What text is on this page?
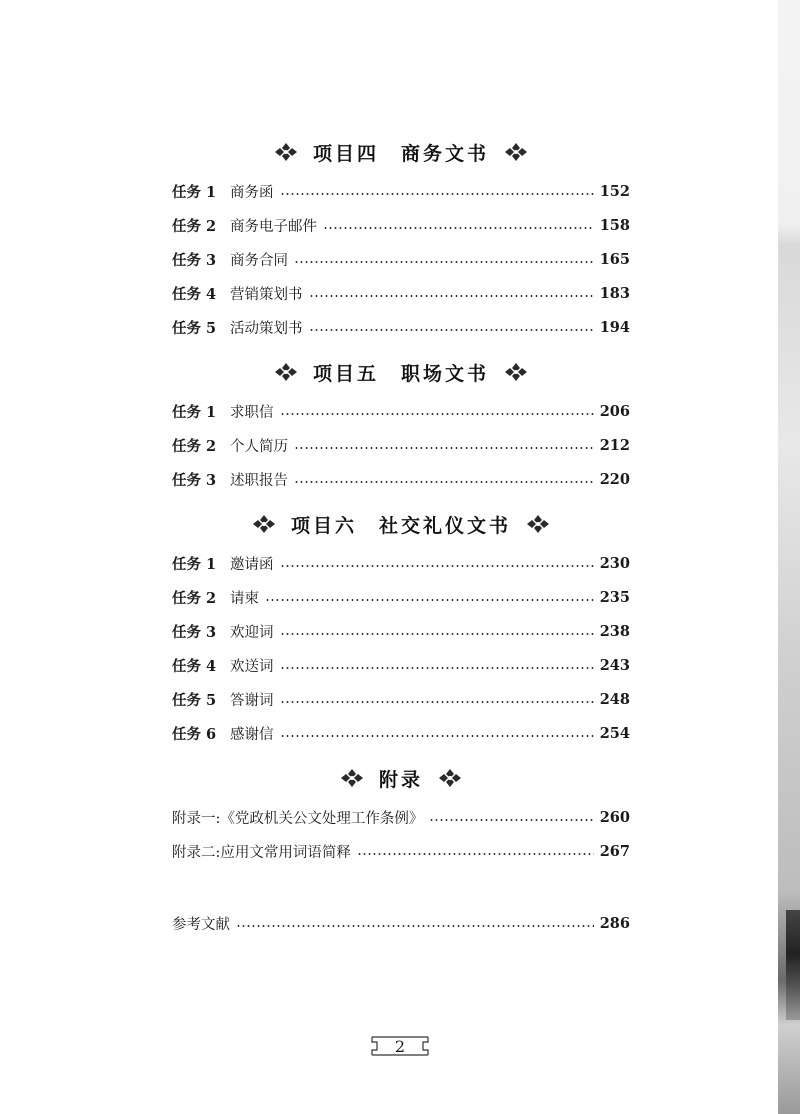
项目四　商务文书
任务 1 商务函	152
任务 2 商务电子邮件	158
任务 3 商务合同	165
任务 4 营销策划书	183
任务 5 活动策划书	194
项目五　职场文书
任务 1 求职信	206
任务 2 个人简历	212
任务 3 述职报告	220
项目六　社交礼仪文书
任务 1 邀请函	230
任务 2 请柬	235
任务 3 欢迎词	238
任务 4 欢送词	243
任务 5 答谢词	248
任务 6 感谢信	254
附录
附录一:《党政机关公文处理工作条例》	260
附录二:应用文常用词语简释	267
参考文献	286
2
